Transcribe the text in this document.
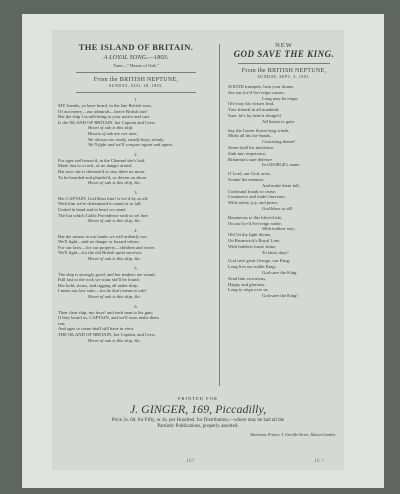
THE ISLAND OF BRITAIN.

A LOYAL SONG.—1803.

Tune—" Hearts of Oak."

From the BRITISH NEPTUNE,
SUNDAY, AUG. 28, 1803.
1.

MY friends, ye have heard, in the late British wars,

Of our merry—our admirals—brave British tars!

But the ship I would bring to your notice and care

Is the ISLAND OF BRITAIN, her Captain and Crew.

Heart of oak is this ship,

Hearts of oak are our men;

We always are ready, steady boys, steady;

We'll fight and we'll conquer again and again.

2.

For ages well-moor'd, in the Channel she's laid,

Made fast to a rock, of no danger afraid;

But now she is threaten'd to stay there no more,

To be boarded and plunder'd, or driven on shore.

Heart of oak is this ship, &c.

3.

Her CAPTAIN, God bless him! is lov'd by us all;

With him we're determined to stand or to fall;

United in hand and in heart we stand

The hot which Gallic Providence with us set line.

Heart of oak is this ship, &c.

4.

But the means in our hands we will ardently use;

We'll fight—and no danger or hazard refuse;

For our laws—for our property—children and wives

We'll fight—for the old British quiet survives.

Heart of oak is this ship, &c.

5.

The ship is strongly good, and her timbers are sound;

Full fast to the rock we stout she'll be found;

Her hold, stores, and rigging all under duty;

I mean our law suits—for do don't mean to rule!

Heart of oak is this ship, &c.

6.

Then clear ship, my boys! and each man to his gun;

If they board us, CAPTAIN, and we'll soon make them

run;

And ages to come shall still have in view

THE ISLAND OF BRITAIN, her Captain, and Crew.

Heart of oak is this ship, &c.

NEW
GOD SAVE THE KING.
From the BRITISH NEPTUNE,
SUNDAY, SEPT. 4, 1803.

SOUND trumpets, beat your drums,

See our lov'd Sov'reign comes,

Long may he reign;

Oh! may his virtues find,

True friends in all mankind;

Sure, he's by heav'n design'd

All hearts to gain.

Say the Garter flower'sing winds,

Midst all his fav-hands,

Consisting theme!

Seem shall his insolence,

Sink into impotence,

Britannia's sure defence

In GEORGE's name.

O Lord, our God, arise,

Scatter his enemies,

And make them fall;

Confound frauds to cease,

Commerce and trade t'increase,

With safety, joy, and peace,

God bless us all!

Bounteous to this bless'd isle,

On our lov'd Sov'reign smile,

With noblest rays;

Oh! let thy light divine,

On Brunswick's Royal Line,

With fadeless lustre shine,

To latest days!

God save great George, our King,

Long live our noble King;

God save the King.

Send him victorious,

Happy and glorious,

Long to reign over us,

God save the King!

PRINTED FOR
J. GINGER, 169, Piccadilly,
Price 2s. 6d. for Fifty, or 4s. per Hundred, for Distribution,—where may be had all the
Patriotic Publications, properly assorted.
Marchant, Printer, 3, Greville-Street, Hatton-Garden.
167	16 ?
